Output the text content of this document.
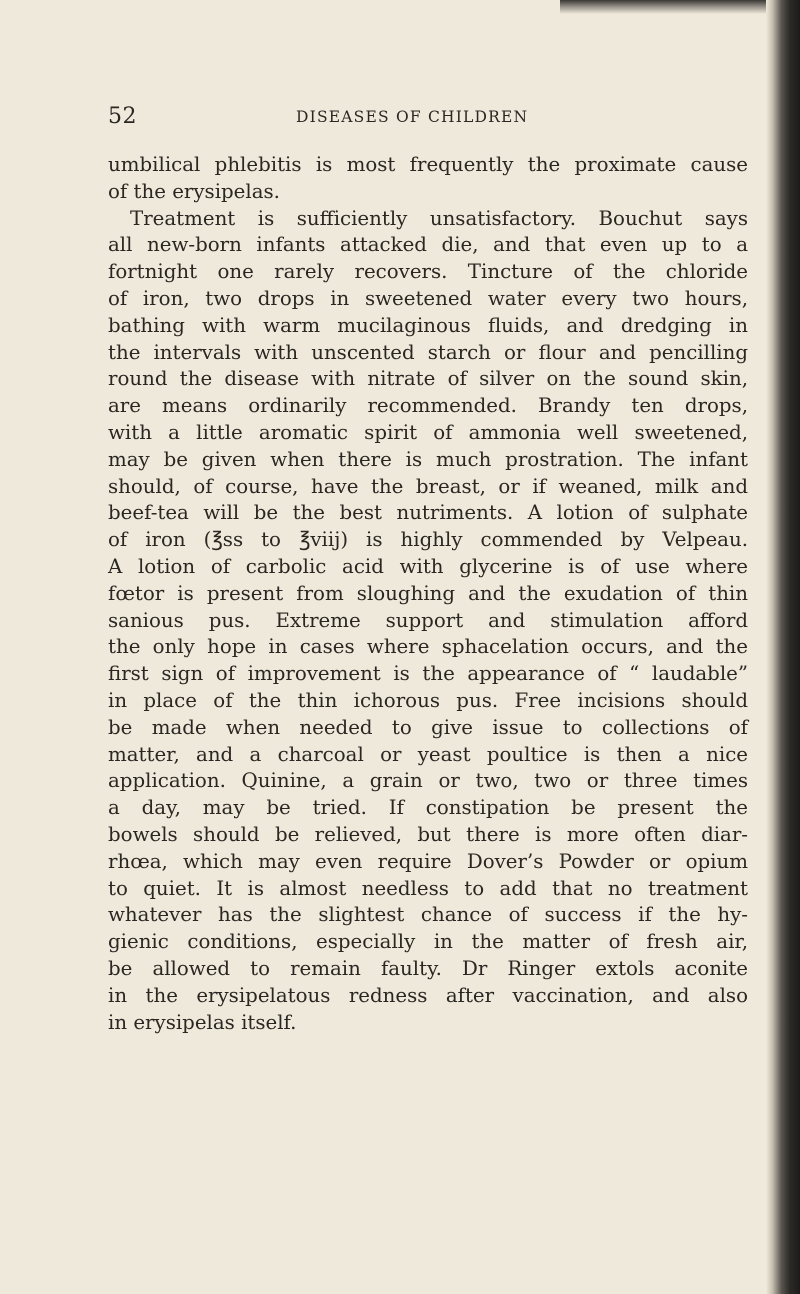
52	DISEASES OF CHILDREN
umbilical phlebitis is most frequently the proximate cause
of the erysipelas.
Treatment is sufficiently unsatisfactory. Bouchut says
all new-born infants attacked die, and that even up to a
fortnight one rarely recovers. Tincture of the chloride
of iron, two drops in sweetened water every two hours,
bathing with warm mucilaginous fluids, and dredging in
the intervals with unscented starch or flour and pencilling
round the disease with nitrate of silver on the sound skin,
are means ordinarily recommended. Brandy ten drops,
with a little aromatic spirit of ammonia well sweetened,
may be given when there is much prostration. The infant
should, of course, have the breast, or if weaned, milk and
beef-tea will be the best nutriments. A lotion of sulphate
of iron (℥ss to ℥viij) is highly commended by Velpeau.
A lotion of carbolic acid with glycerine is of use where
fœtor is present from sloughing and the exudation of thin
sanious pus. Extreme support and stimulation afford
the only hope in cases where sphacelation occurs, and the
first sign of improvement is the appearance of “ laudable”
in place of the thin ichorous pus. Free incisions should
be made when needed to give issue to collections of
matter, and a charcoal or yeast poultice is then a nice
application. Quinine, a grain or two, two or three times
a day, may be tried. If constipation be present the
bowels should be relieved, but there is more often diar-
rhœa, which may even require Dover’s Powder or opium
to quiet. It is almost needless to add that no treatment
whatever has the slightest chance of success if the hy-
gienic conditions, especially in the matter of fresh air,
be allowed to remain faulty. Dr Ringer extols aconite
in the erysipelatous redness after vaccination, and also
in erysipelas itself.
